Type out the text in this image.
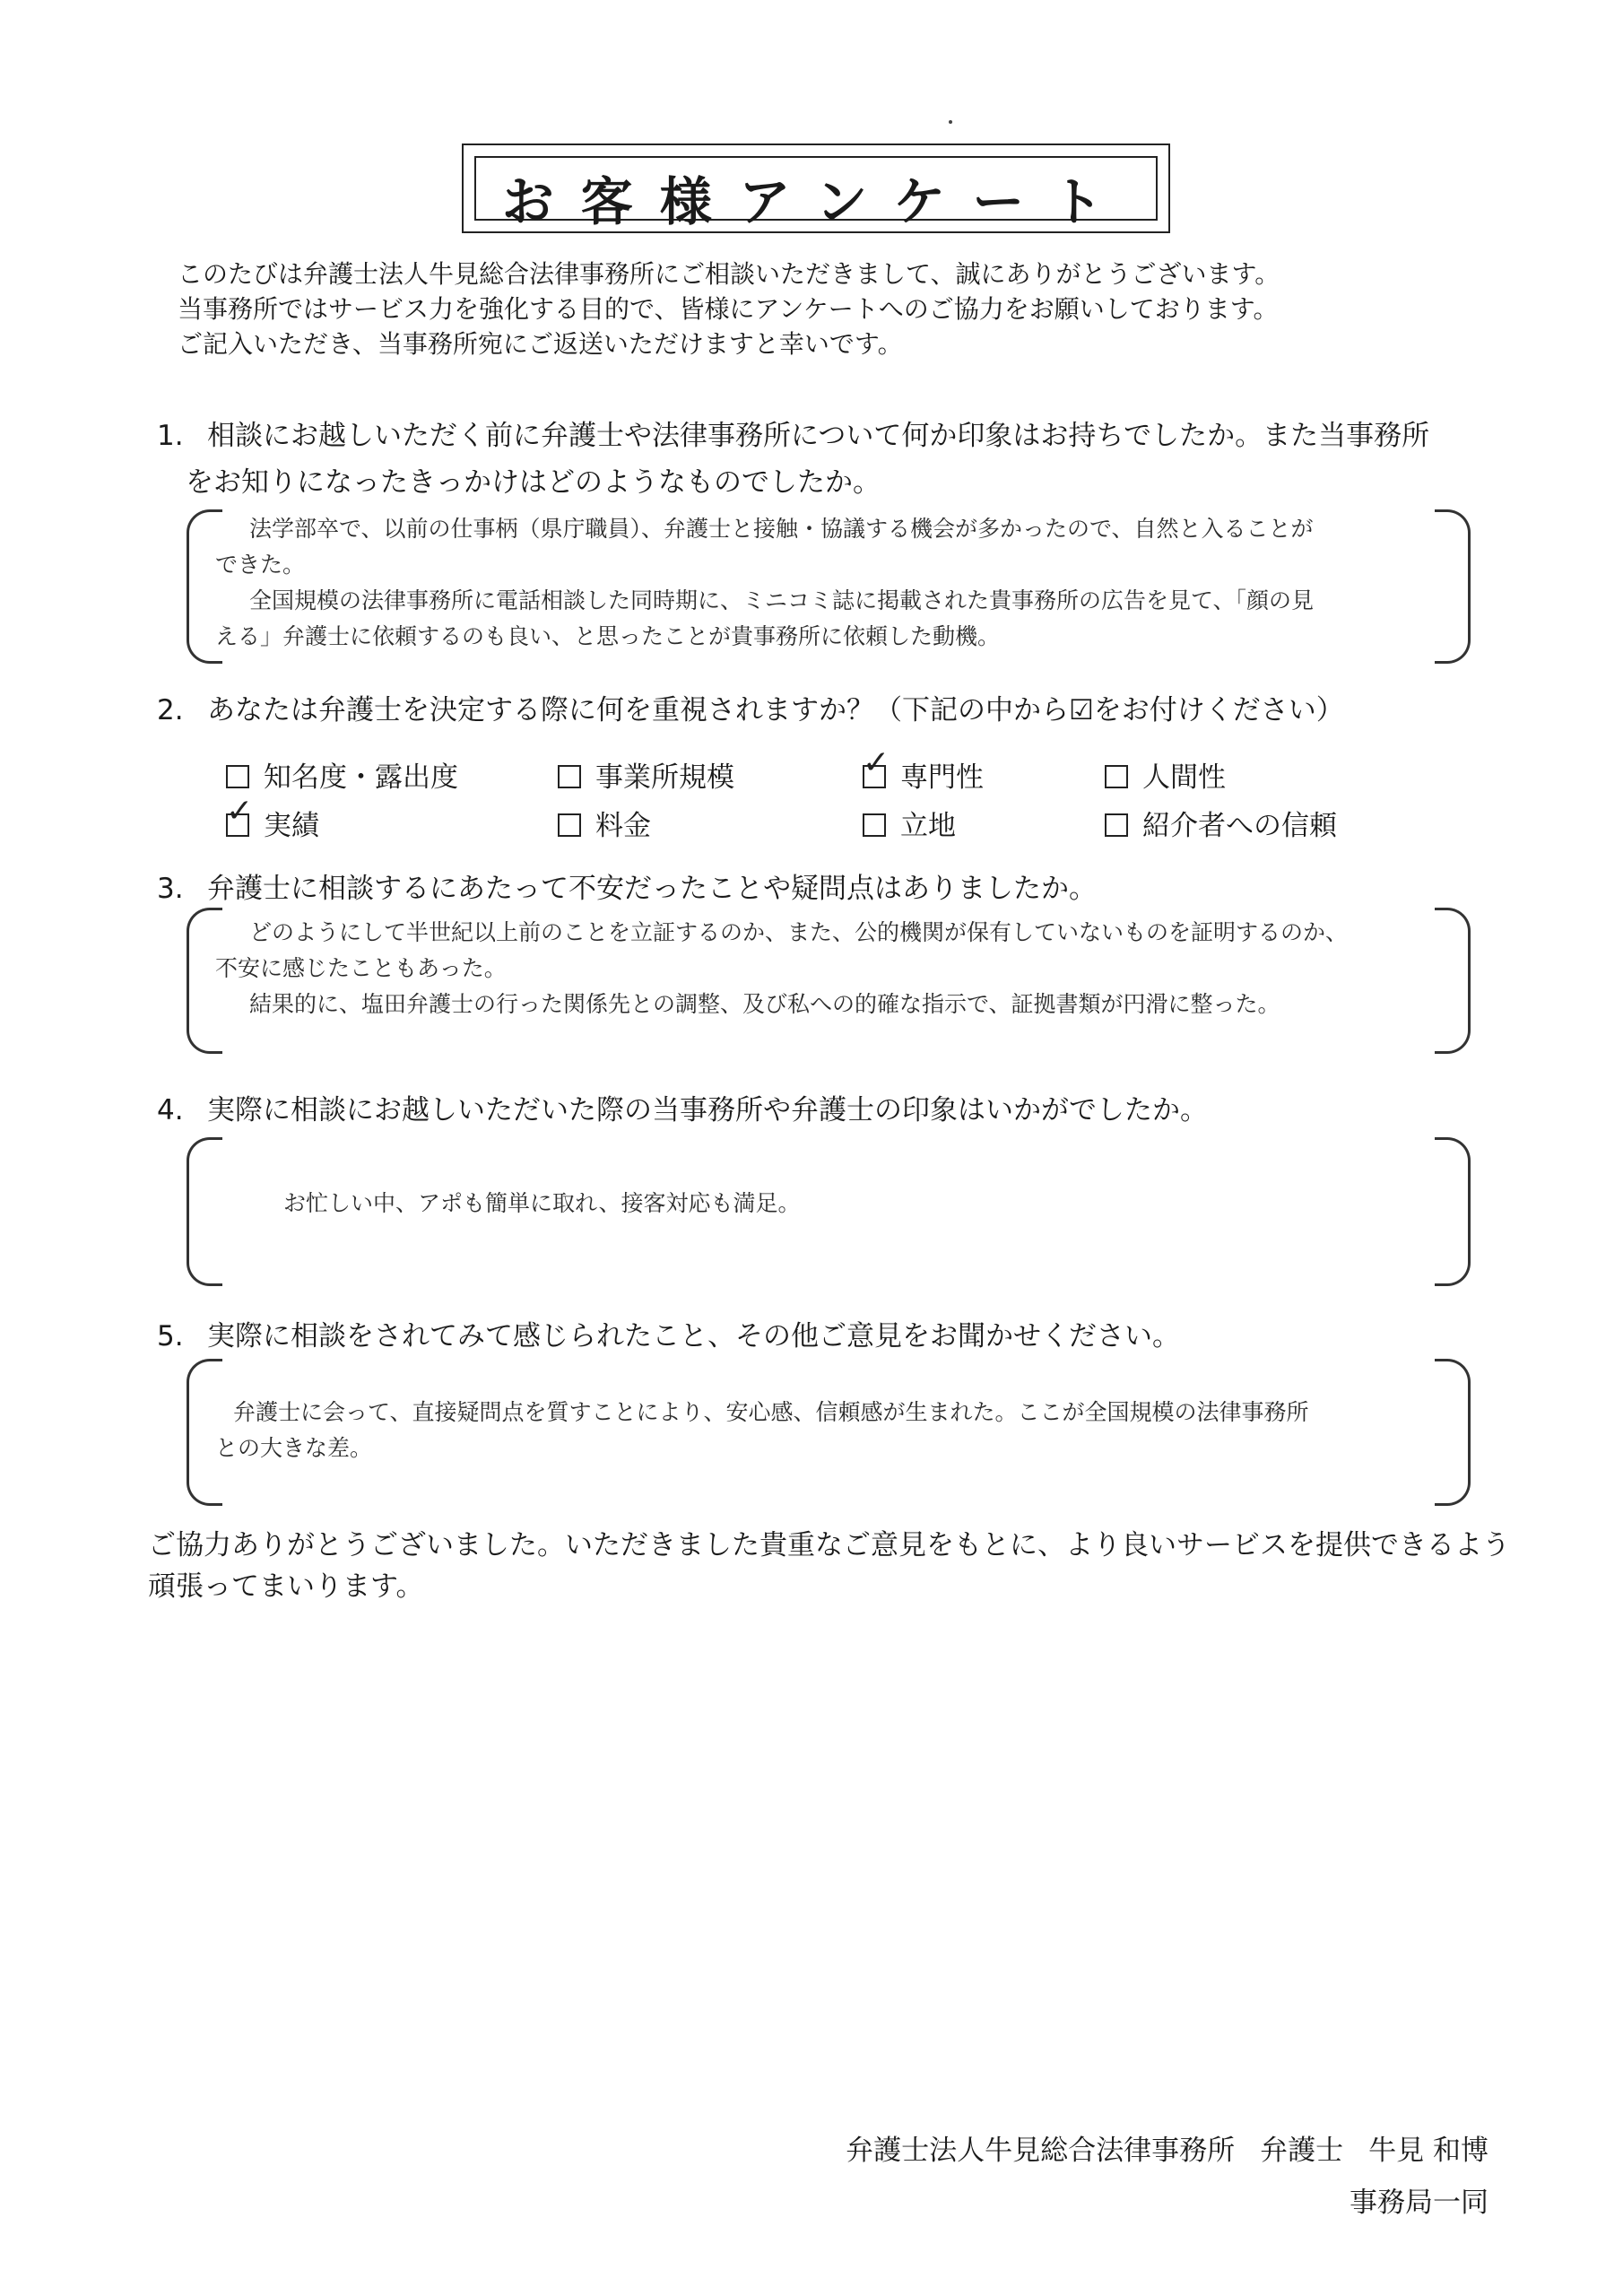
お客様アンケート
このたびは弁護士法人牛見総合法律事務所にご相談いただきまして、誠にありがとうございます。
当事務所ではサービス力を強化する目的で、皆様にアンケートへのご協力をお願いしております。
ご記入いただき、当事務所宛にご返送いただけますと幸いです。
1. 相談にお越しいただく前に弁護士や法律事務所について何か印象はお持ちでしたか。また当事務所
をお知りになったきっかけはどのようなものでしたか。
法学部卒で、以前の仕事柄（県庁職員）、弁護士と接触・協議する機会が多かったので、自然と入ることが
できた。
全国規模の法律事務所に電話相談した同時期に、ミニコミ誌に掲載された貴事務所の広告を見て、「顔の見
える」弁護士に依頼するのも良い、と思ったことが貴事務所に依頼した動機。
2. あなたは弁護士を決定する際に何を重視されますか？（下記の中から☑をお付けください）
知名度・露出度	事業所規模	✓ 専門性	人間性
✓ 実績	料金	立地	紹介者への信頼
3. 弁護士に相談するにあたって不安だったことや疑問点はありましたか。
どのようにして半世紀以上前のことを立証するのか、また、公的機関が保有していないものを証明するのか、
不安に感じたこともあった。
結果的に、塩田弁護士の行った関係先との調整、及び私への的確な指示で、証拠書類が円滑に整った。
4. 実際に相談にお越しいただいた際の当事務所や弁護士の印象はいかがでしたか。
お忙しい中、アポも簡単に取れ、接客対応も満足。
5. 実際に相談をされてみて感じられたこと、その他ご意見をお聞かせください。
弁護士に会って、直接疑問点を質すことにより、安心感、信頼感が生まれた。ここが全国規模の法律事務所
との大きな差。
ご協力ありがとうございました。いただきました貴重なご意見をもとに、より良いサービスを提供できるよう
頑張ってまいります。
弁護士法人牛見総合法律事務所 弁護士 牛見 和博
事務局一同
